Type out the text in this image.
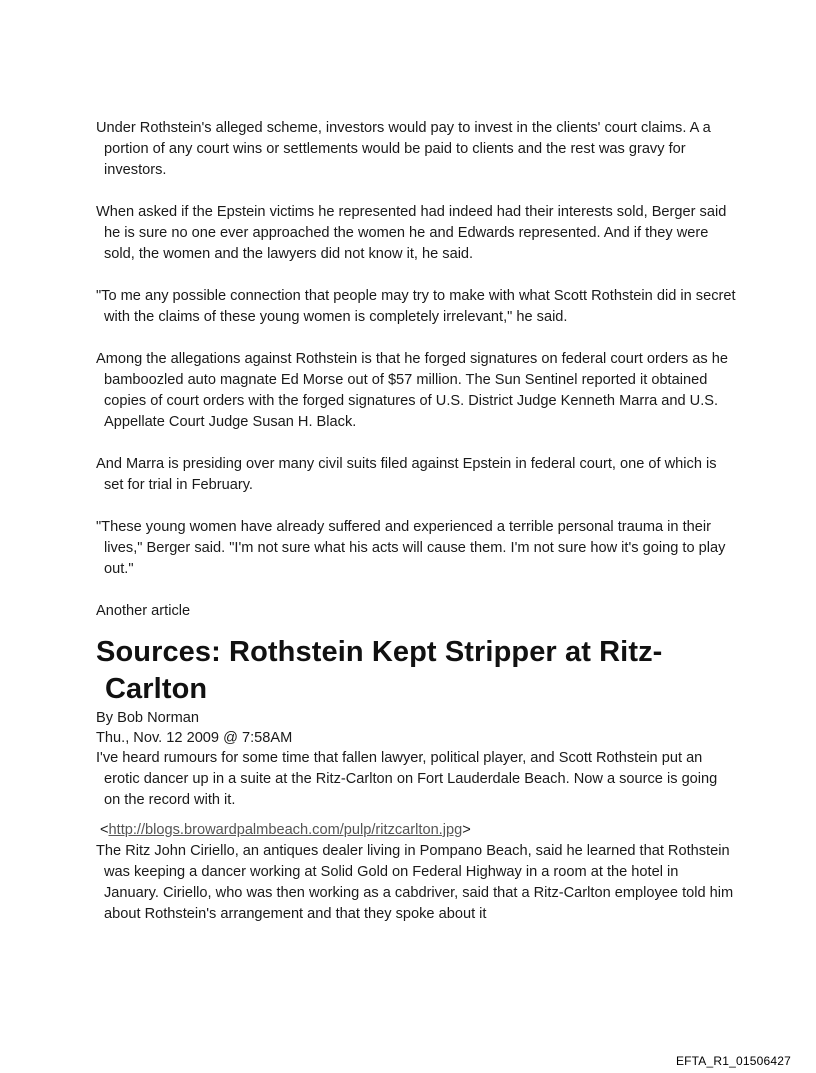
Under Rothstein's alleged scheme, investors would pay to invest in the clients' court claims. A a portion of any court wins or settlements would be paid to clients and the rest was gravy for investors.

When asked if the Epstein victims he represented had indeed had their interests sold, Berger said he is sure no one ever approached the women he and Edwards represented. And if they were sold, the women and the lawyers did not know it, he said.

"To me any possible connection that people may try to make with what Scott Rothstein did in secret with the claims of these young women is completely irrelevant," he said.

Among the allegations against Rothstein is that he forged signatures on federal court orders as he bamboozled auto magnate Ed Morse out of $57 million. The Sun Sentinel reported it obtained copies of court orders with the forged signatures of U.S. District Judge Kenneth Marra and U.S. Appellate Court Judge Susan H. Black.

And Marra is presiding over many civil suits filed against Epstein in federal court, one of which is set for trial in February.

"These young women have already suffered and experienced a terrible personal trauma in their lives," Berger said. "I'm not sure what his acts will cause them. I'm not sure how it's going to play out."

Another article

Sources: Rothstein Kept Stripper at Ritz-Carlton

By Bob Norman

Thu., Nov. 12 2009 @ 7:58AM

I've heard rumours for some time that fallen lawyer, political player, and Scott Rothstein put an erotic dancer up in a suite at the Ritz-Carlton on Fort Lauderdale Beach. Now a source is going on the record with it.

<http://blogs.browardpalmbeach.com/pulp/ritzcarlton.jpg>

The Ritz John Ciriello, an antiques dealer living in Pompano Beach, said he learned that Rothstein was keeping a dancer working at Solid Gold on Federal Highway in a room at the hotel in January. Ciriello, who was then working as a cabdriver, said that a Ritz-Carlton employee told him about Rothstein's arrangement and that they spoke about it

EFTA_R1_01506427
